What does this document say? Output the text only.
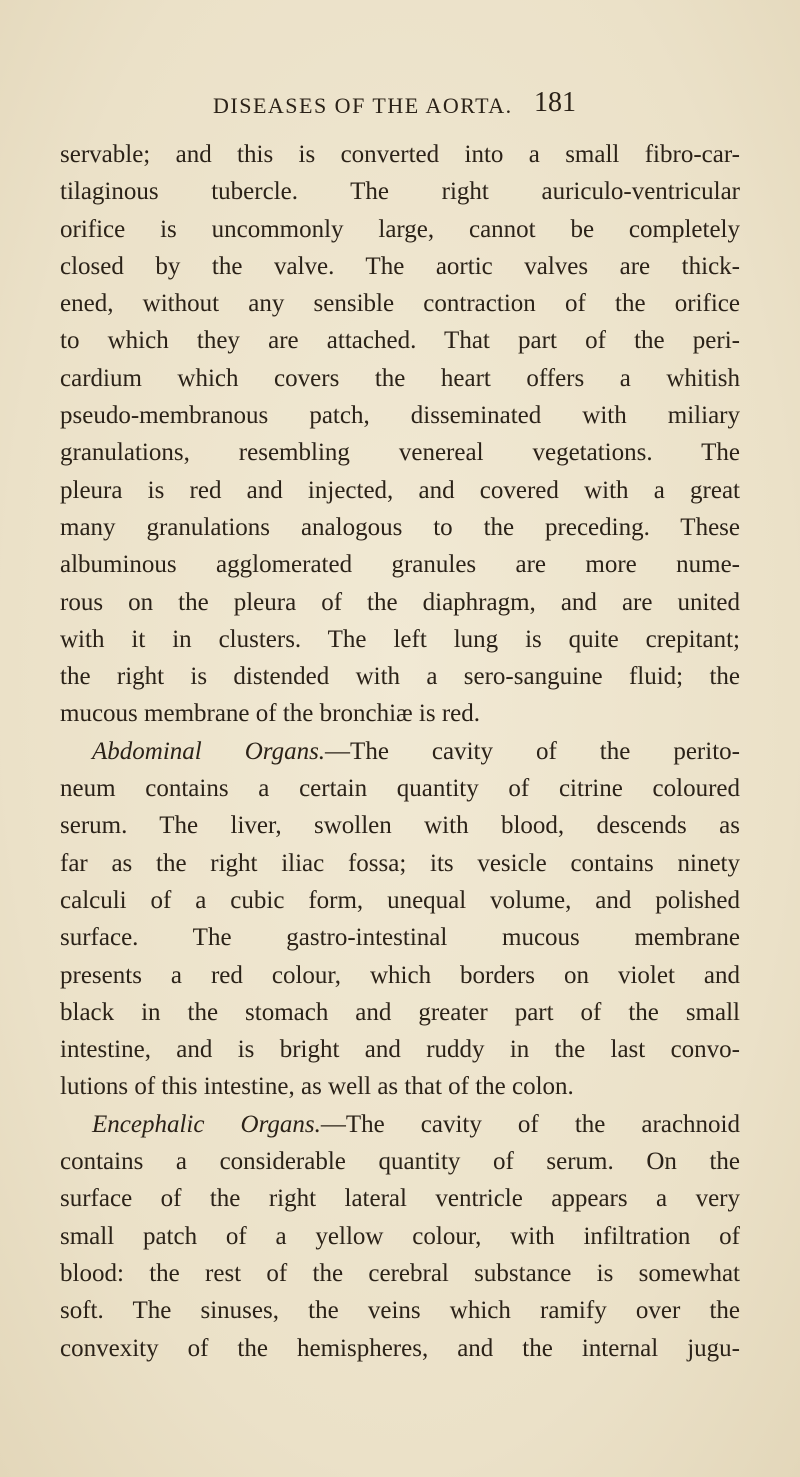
DISEASES OF THE AORTA. 181
servable; and this is converted into a small fibro-car-
tilaginous tubercle. The right auriculo-ventricular
orifice is uncommonly large, cannot be completely
closed by the valve. The aortic valves are thick-
ened, without any sensible contraction of the orifice
to which they are attached. That part of the peri-
cardium which covers the heart offers a whitish
pseudo-membranous patch, disseminated with miliary
granulations, resembling venereal vegetations. The
pleura is red and injected, and covered with a great
many granulations analogous to the preceding. These
albuminous agglomerated granules are more nume-
rous on the pleura of the diaphragm, and are united
with it in clusters. The left lung is quite crepitant;
the right is distended with a sero-sanguine fluid; the
mucous membrane of the bronchiæ is red.
Abdominal Organs.—The cavity of the perito-
neum contains a certain quantity of citrine coloured
serum. The liver, swollen with blood, descends as
far as the right iliac fossa; its vesicle contains ninety
calculi of a cubic form, unequal volume, and polished
surface. The gastro-intestinal mucous membrane
presents a red colour, which borders on violet and
black in the stomach and greater part of the small
intestine, and is bright and ruddy in the last convo-
lutions of this intestine, as well as that of the colon.
Encephalic Organs.—The cavity of the arachnoid
contains a considerable quantity of serum. On the
surface of the right lateral ventricle appears a very
small patch of a yellow colour, with infiltration of
blood: the rest of the cerebral substance is somewhat
soft. The sinuses, the veins which ramify over the
convexity of the hemispheres, and the internal jugu-
